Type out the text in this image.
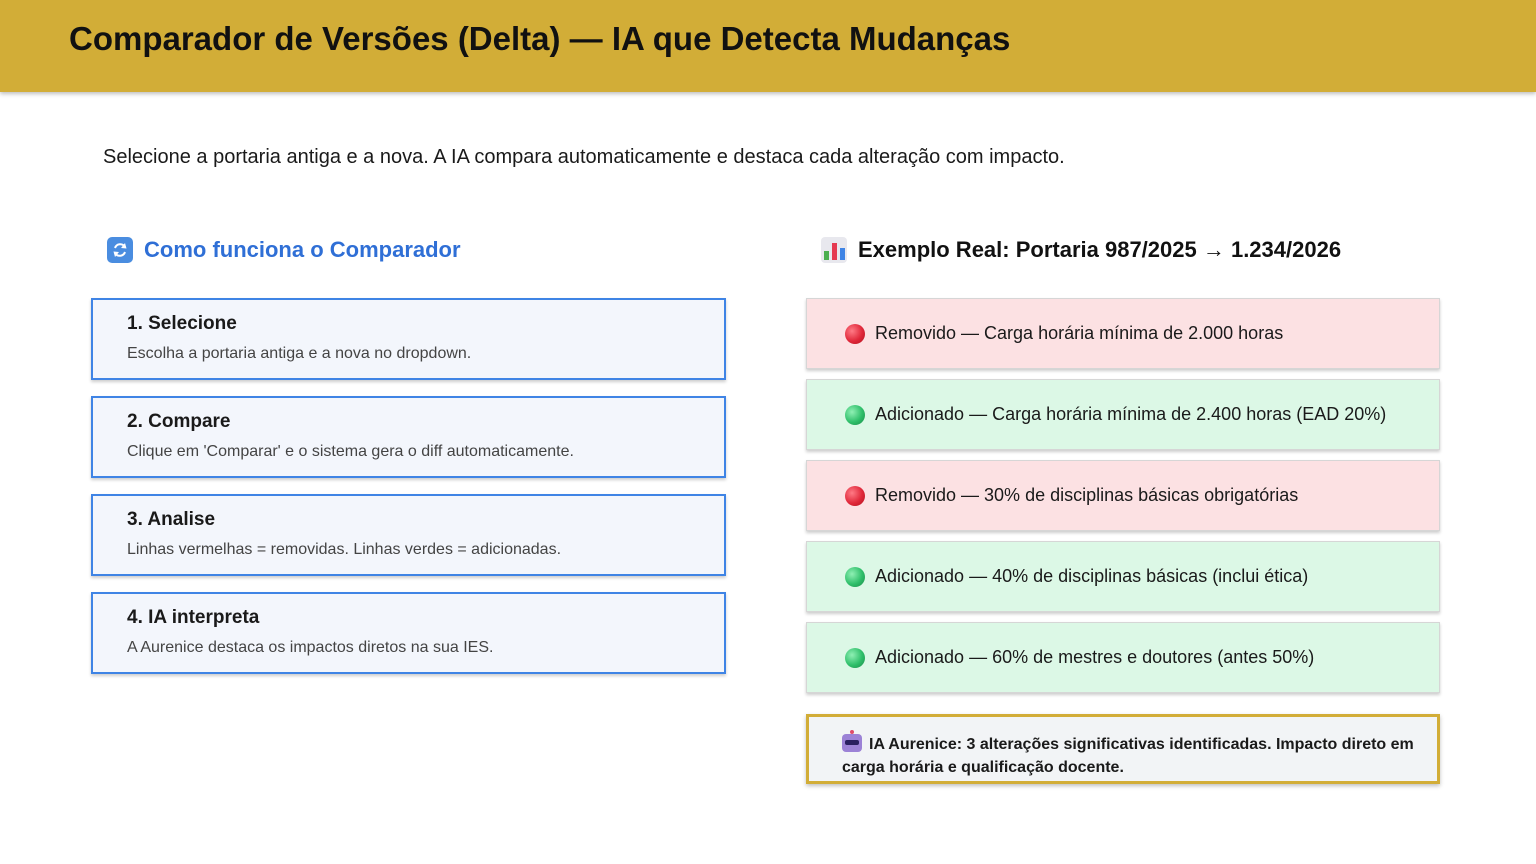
Comparador de Versões (Delta) — IA que Detecta Mudanças

Selecione a portaria antiga e a nova. A IA compara automaticamente e destaca cada alteração com impacto.

Como funciona o Comparador	Exemplo Real: Portaria 987/2025 → 1.234/2026

1. Selecione

Escolha a portaria antiga e a nova no dropdown.

2. Compare

Clique em 'Comparar' e o sistema gera o diff automaticamente.

3. Analise

Linhas vermelhas = removidas. Linhas verdes = adicionadas.

4. IA interpreta

A Aurenice destaca os impactos diretos na sua IES.

Removido — Carga horária mínima de 2.000 horas
Adicionado — Carga horária mínima de 2.400 horas (EAD 20%)
Removido — 30% de disciplinas básicas obrigatórias
Adicionado — 40% de disciplinas básicas (inclui ética)
Adicionado — 60% de mestres e doutores (antes 50%)
IA Aurenice: 3 alterações significativas identificadas. Impacto direto em carga horária e qualificação docente.
